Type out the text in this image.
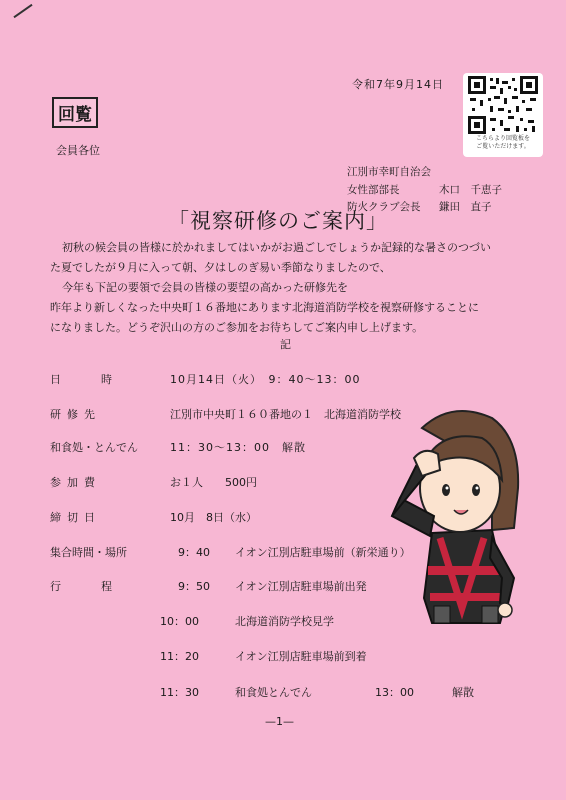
令和7年9月14日
こちらより回覧板を
ご覧いただけます。
回覧
会員各位
江別市幸町自治会
女性部部長	木口　千恵子
防火クラブ会長 鎌田　直子
「視察研修のご案内」
初秋の候会員の皆様に於かれましてはいかがお過ごしでしょうか記録的な暑さのつづい
た夏でしたが９月に入って朝、夕はしのぎ易い季節なりましたので、
今年も下記の要領で会員の皆様の要望の高かった研修先を
昨年より新しくなった中央町１６番地にあります北海道消防学校を視察研修することに
になりました。どうぞ沢山の方のご参加をお待ちしてご案内申し上げます。
記
日　　時	10月14日（火）　9：40～13：00
研修先	江別市中央町１６０番地の１　北海道消防学校
和食処・とんでん	11：30～13：00　解散
参加費	お１人　　500円
締切日	10月　8日（水）
集合時間・場所	9：40 イオン江別店駐車場前（新栄通り）
行　　程	9：50 イオン江別店駐車場前出発
10：00	北海道消防学校見学
11：20	イオン江別店駐車場前到着
11：30	和食処とんでん	13：00	解散
—1—
